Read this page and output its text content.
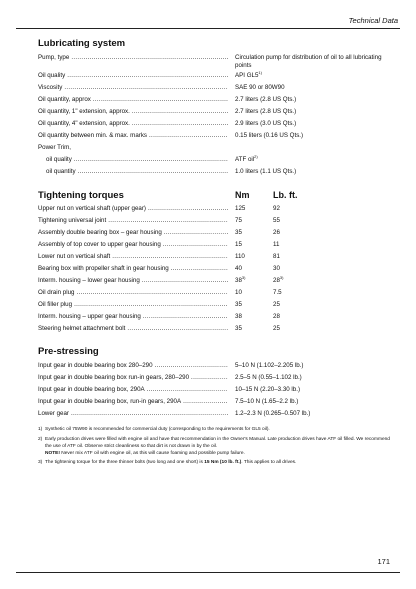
Technical Data
Lubricating system
Pump, type .....	Circulation pump for distribution of oil to all lubricating points
Oil quality .....	API GL5$^{1)}$
Viscosity .....	SAE 90 or 80W90
Oil quantity, approx .....	2.7 liters (2.8 US Qts.)
Oil quantity, 1" extension, approx. .....	2.7 liters (2.8 US Qts.)
Oil quantity, 4" extension, approx. .....	2.9 liters (3.0 US Qts.)
Oil quantity between min. & max. marks .....	0.15 liters (0.16 US Qts.)
Power Trim,
oil quality .....	ATF oil$^{2)}$
oil quantity .....	1.0 liters (1.1 US Qts.)
Tightening torques	Nm	Lb. ft.
Upper nut on vertical shaft (upper gear) .....	125	92
Tightening universal joint .....	75	55
Assembly double bearing box – gear housing .....	35	26
Assembly of top cover to upper gear housing .....	15	11
Lower nut on vertical shaft .....	110	81
Bearing box with propeller shaft in gear housing .....	40	30
Interm. housing – lower gear housing .....	38$^{3)}$	28$^{3)}$
Oil drain plug .....	10	7.5
Oil filler plug .....	35	25
Interm. housing – upper gear housing .....	38	28
Steering helmet attachment bolt .....	35	25
Pre-stressing
Input gear in double bearing box 280–290 .....	5–10 N (1.102–2.205 lb.)
Input gear in double bearing box run-in gears, 280–290 .....	2.5–5 N (0.55–1.102 lb.)
Input gear in double bearing box, 290A .....	10–15 N (2.20–3.30 lb.)
Input gear in double bearing box, run-in gears, 290A .....	7.5–10 N (1.65–2.2 lb.)
Lower gear .....	1.2–2.3 N (0.265–0.507 lb.)
1) Synthetic oil 75W90 is recommended for commercial duty (corresponding to the requirements for GL5 oil).
2) Early production drives were filled with engine oil and have that recommendation in the Owner's Manual. Late production drives have ATF oil filled. We recommend the use of ATF oil. Observe strict cleanliness so that dirt is not drawn in by the oil.
NOTE! Never mix ATF oil with engine oil, as this will cause foaming and possible pump failure.
3) The tightening torque for the three thinner bolts (two long and one short) is 15 Nm (10 lb. ft.). This applies to all drives.
171
